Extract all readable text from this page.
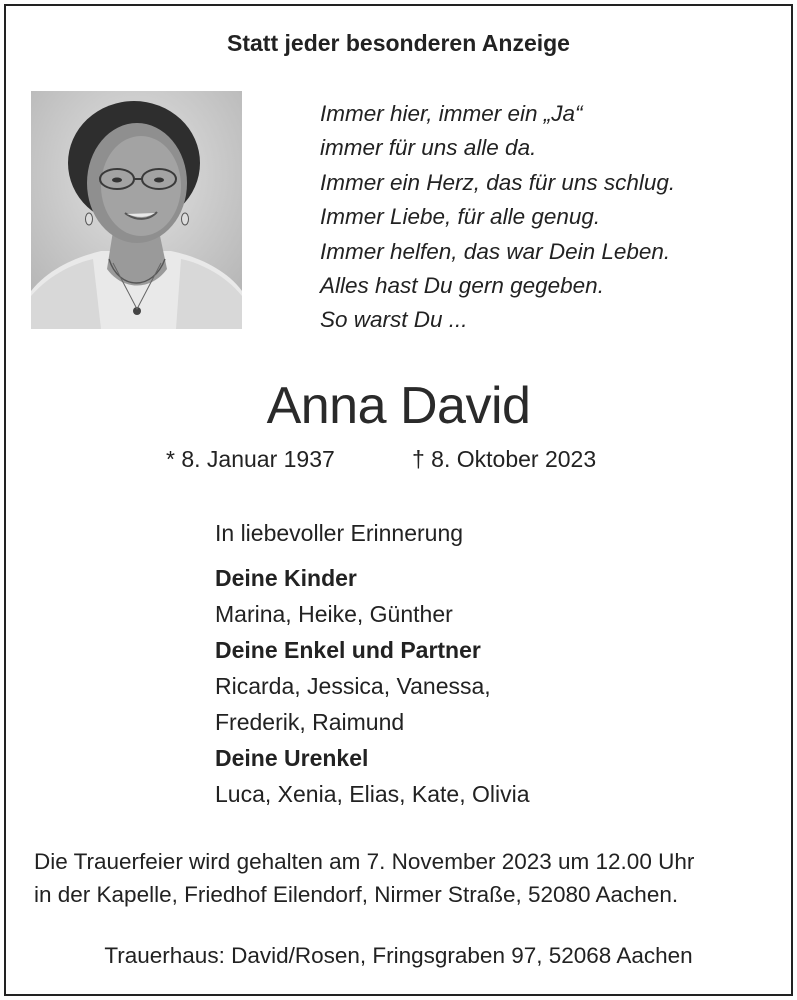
Statt jeder besonderen Anzeige
Immer hier, immer ein „Ja“
immer für uns alle da.
Immer ein Herz, das für uns schlug.
Immer Liebe, für alle genug.
Immer helfen, das war Dein Leben.
Alles hast Du gern gegeben.
So warst Du ...
Anna David
* 8. Januar 1937	† 8. Oktober 2023
In liebevoller Erinnerung
Deine Kinder
Marina, Heike, Günther
Deine Enkel und Partner
Ricarda, Jessica, Vanessa,
Frederik, Raimund
Deine Urenkel
Luca, Xenia, Elias, Kate, Olivia
Die Trauerfeier wird gehalten am 7. November 2023 um 12.00 Uhr
in der Kapelle, Friedhof Eilendorf, Nirmer Straße, 52080 Aachen.
Trauerhaus: David/Rosen, Fringsgraben 97, 52068 Aachen
